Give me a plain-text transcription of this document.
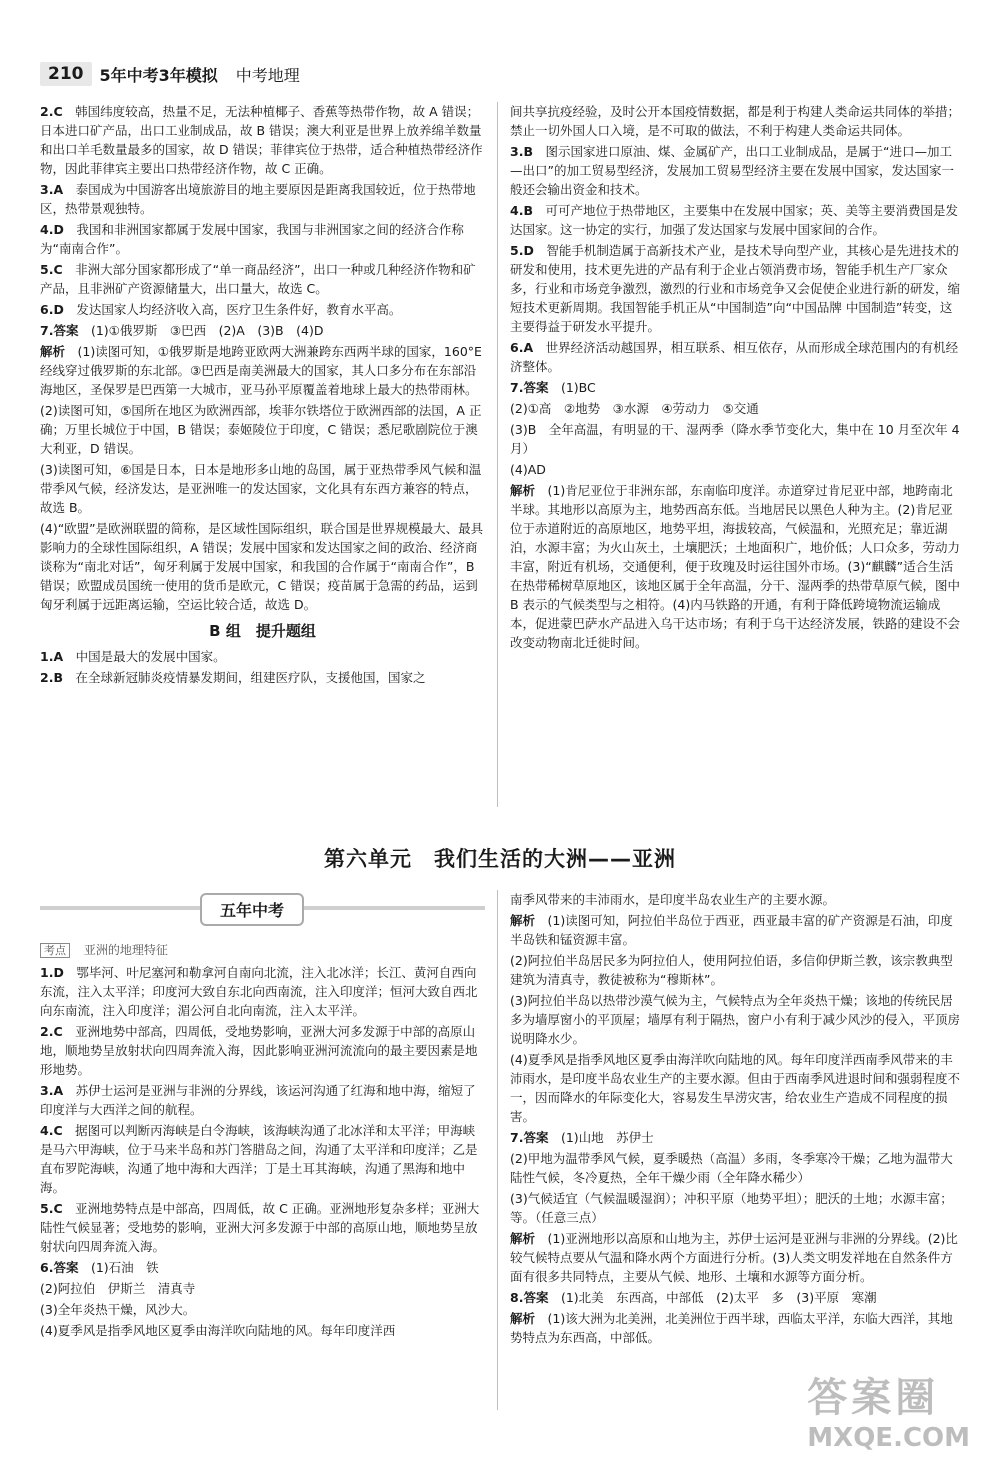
210	5年中考3年模拟 中考地理

2.C  韩国纬度较高，热量不足，无法种植椰子、香蕉等热带作物，故 A 错误；日本进口矿产品，出口工业制成品，故 B 错误；澳大利亚是世界上放养绵羊数量和出口羊毛数量最多的国家，故 D 错误；菲律宾位于热带，适合种植热带经济作物，因此菲律宾主要出口热带经济作物，故 C 正确。

3.A  泰国成为中国游客出境旅游目的地主要原因是距离我国较近，位于热带地区，热带景观独特。

4.D  我国和非洲国家都属于发展中国家，我国与非洲国家之间的经济合作称为“南南合作”。

5.C  非洲大部分国家都形成了“单一商品经济”，出口一种或几种经济作物和矿产品，且非洲矿产资源储量大，出口量大，故选 C。

6.D  发达国家人均经济收入高，医疗卫生条件好，教育水平高。

7.答案  (1)①俄罗斯　③巴西　(2)A　(3)B　(4)D

解析  (1)读图可知，①俄罗斯是地跨亚欧两大洲兼跨东西两半球的国家，160°E 经线穿过俄罗斯的东北部。③巴西是南美洲最大的国家，其人口多分布在东部沿海地区，圣保罗是巴西第一大城市，亚马孙平原覆盖着地球上最大的热带雨林。

(2)读图可知，⑤国所在地区为欧洲西部，埃菲尔铁塔位于欧洲西部的法国，A 正确；万里长城位于中国，B 错误；泰姬陵位于印度，C 错误；悉尼歌剧院位于澳大利亚，D 错误。

(3)读图可知，⑥国是日本，日本是地形多山地的岛国，属于亚热带季风气候和温带季风气候，经济发达，是亚洲唯一的发达国家，文化具有东西方兼容的特点，故选 B。

(4)“欧盟”是欧洲联盟的简称，是区域性国际组织，联合国是世界规模最大、最具影响力的全球性国际组织，A 错误；发展中国家和发达国家之间的政治、经济商谈称为“南北对话”，匈牙利属于发展中国家，和我国的合作属于“南南合作”，B 错误；欧盟成员国统一使用的货币是欧元，C 错误；疫苗属于急需的药品，运到匈牙利属于远距离运输，空运比较合适，故选 D。

B 组　提升题组

1.A  中国是最大的发展中国家。

2.B  在全球新冠肺炎疫情暴发期间，组建医疗队，支援他国，国家之

间共享抗疫经验，及时公开本国疫情数据，都是利于构建人类命运共同体的举措；禁止一切外国人口入境，是不可取的做法，不利于构建人类命运共同体。

3.B  图示国家进口原油、煤、金属矿产，出口工业制成品，是属于“进口—加工—出口”的加工贸易型经济，发展加工贸易型经济主要在发展中国家，发达国家一般还会输出资金和技术。

4.B  可可产地位于热带地区，主要集中在发展中国家；英、美等主要消费国是发达国家。这一协定的实行，加强了发达国家与发展中国家间的合作。

5.D  智能手机制造属于高新技术产业，是技术导向型产业，其核心是先进技术的研发和使用，技术更先进的产品有利于企业占领消费市场，智能手机生产厂家众多，行业和市场竞争激烈，激烈的行业和市场竞争又会促使企业进行新的研发，缩短技术更新周期。我国智能手机正从“中国制造”向“中国品牌 中国制造”转变，这主要得益于研发水平提升。

6.A  世界经济活动越国界，相互联系、相互依存，从而形成全球范围内的有机经济整体。

7.答案  (1)BC

(2)①高　②地势　③水源　④劳动力　⑤交通

(3)B　全年高温，有明显的干、湿两季（降水季节变化大，集中在 10 月至次年 4 月）

(4)AD

解析  (1)肯尼亚位于非洲东部，东南临印度洋。赤道穿过肯尼亚中部，地跨南北半球。其地形以高原为主，地势西高东低。当地居民以黑色人种为主。(2)肯尼亚位于赤道附近的高原地区，地势平坦，海拔较高，气候温和，光照充足；靠近湖泊，水源丰富；为火山灰土，土壤肥沃；土地面积广，地价低；人口众多，劳动力丰富，附近有机场，交通便利，便于玫瑰及时运往国外市场。(3)“麒麟”适合生活在热带稀树草原地区，该地区属于全年高温，分干、湿两季的热带草原气候，图中 B 表示的气候类型与之相符。(4)内马铁路的开通，有利于降低跨境物流运输成本，促进蒙巴萨水产品进入乌干达市场；有利于乌干达经济发展，铁路的建设不会改变动物南北迁徙时间。

第六单元　我们生活的大洲——亚洲
五年中考
考点 亚洲的地理特征

1.D  鄂毕河、叶尼塞河和勒拿河自南向北流，注入北冰洋；长江、黄河自西向东流，注入太平洋；印度河大致自东北向西南流，注入印度洋；恒河大致自西北向东南流，注入印度洋；湄公河自北向南流，注入太平洋。

2.C  亚洲地势中部高，四周低，受地势影响，亚洲大河多发源于中部的高原山地，顺地势呈放射状向四周奔流入海，因此影响亚洲河流流向的最主要因素是地形地势。

3.A  苏伊士运河是亚洲与非洲的分界线，该运河沟通了红海和地中海，缩短了印度洋与大西洋之间的航程。

4.C  据图可以判断丙海峡是白令海峡，该海峡沟通了北冰洋和太平洋；甲海峡是马六甲海峡，位于马来半岛和苏门答腊岛之间，沟通了太平洋和印度洋；乙是直布罗陀海峡，沟通了地中海和大西洋；丁是土耳其海峡，沟通了黑海和地中海。

5.C  亚洲地势特点是中部高，四周低，故 C 正确。亚洲地形复杂多样；亚洲大陆性气候显著；受地势的影响，亚洲大河多发源于中部的高原山地，顺地势呈放射状向四周奔流入海。

6.答案  (1)石油　铁

(2)阿拉伯　伊斯兰　清真寺

(3)全年炎热干燥，风沙大。

(4)夏季风是指季风地区夏季由海洋吹向陆地的风。每年印度洋西

南季风带来的丰沛雨水，是印度半岛农业生产的主要水源。

解析  (1)读图可知，阿拉伯半岛位于西亚，西亚最丰富的矿产资源是石油，印度半岛铁和锰资源丰富。

(2)阿拉伯半岛居民多为阿拉伯人，使用阿拉伯语，多信仰伊斯兰教，该宗教典型建筑为清真寺，教徒被称为“穆斯林”。

(3)阿拉伯半岛以热带沙漠气候为主，气候特点为全年炎热干燥；该地的传统民居多为墙厚窗小的平顶屋；墙厚有利于隔热，窗户小有利于减少风沙的侵入，平顶房说明降水少。

(4)夏季风是指季风地区夏季由海洋吹向陆地的风。每年印度洋西南季风带来的丰沛雨水，是印度半岛农业生产的主要水源。但由于西南季风进退时间和强弱程度不一，因而降水的年际变化大，容易发生旱涝灾害，给农业生产造成不同程度的损害。

7.答案  (1)山地　苏伊士

(2)甲地为温带季风气候，夏季暖热（高温）多雨，冬季寒冷干燥；乙地为温带大陆性气候，冬冷夏热，全年干燥少雨（全年降水稀少）

(3)气候适宜（气候温暖湿润）；冲积平原（地势平坦）；肥沃的土地；水源丰富；等。（任意三点）

解析  (1)亚洲地形以高原和山地为主，苏伊士运河是亚洲与非洲的分界线。(2)比较气候特点要从气温和降水两个方面进行分析。(3)人类文明发祥地在自然条件方面有很多共同特点，主要从气候、地形、土壤和水源等方面分析。

8.答案  (1)北美　东西高，中部低　(2)太平　多　(3)平原　寒潮

解析  (1)该大洲为北美洲，北美洲位于西半球，西临太平洋，东临大西洋，其地势特点为东西高，中部低。

答案圈
MXQE.COM
